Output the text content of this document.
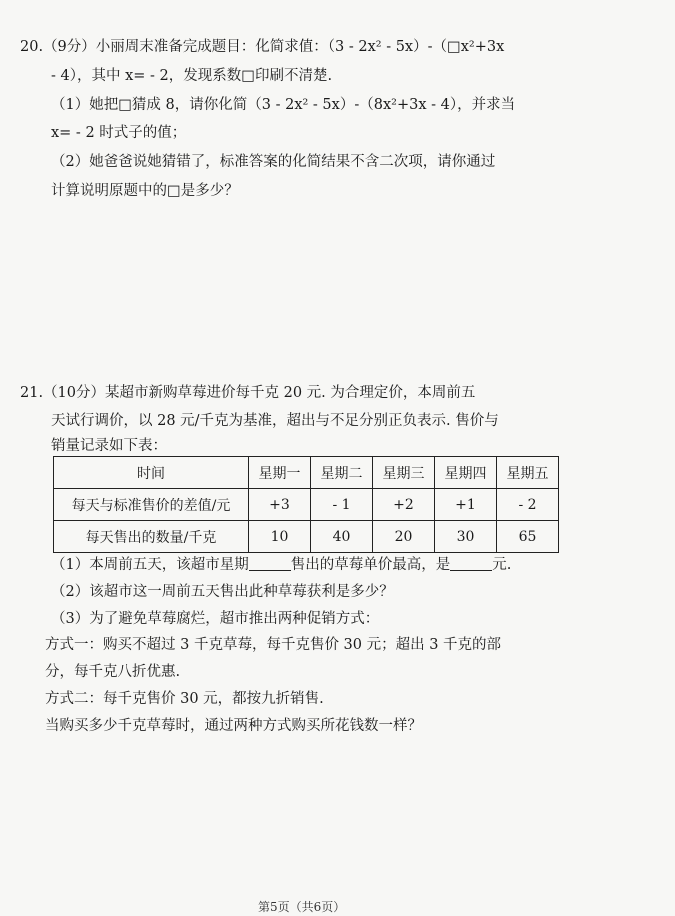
20.（9分）小丽周末准备完成题目：化简求值：（3 - 2x² - 5x）-（□x²+3x
- 4），其中 x= - 2，发现系数□印刷不清楚.
（1）她把□猜成 8，请你化简（3 - 2x² - 5x）-（8x²+3x - 4），并求当
x= - 2 时式子的值；
（2）她爸爸说她猜错了，标准答案的化简结果不含二次项，请你通过
计算说明原题中的□是多少？
21.（10分）某超市新购草莓进价每千克 20 元. 为合理定价，本周前五
天试行调价，以 28 元/千克为基准，超出与不足分别正负表示. 售价与
销量记录如下表：
时间	星期一	星期二	星期三	星期四	星期五
每天与标准售价的差值/元	+3	- 1	+2	+1	- 2
每天售出的数量/千克	10	40	20	30	65
（1）本周前五天，该超市星期	售出的草莓单价最高，是	元.
（2）该超市这一周前五天售出此种草莓获利是多少？
（3）为了避免草莓腐烂，超市推出两种促销方式：
方式一：购买不超过 3 千克草莓，每千克售价 30 元；超出 3 千克的部
分，每千克八折优惠.
方式二：每千克售价 30 元，都按九折销售.
当购买多少千克草莓时，通过两种方式购买所花钱数一样？
第5页（共6页）
